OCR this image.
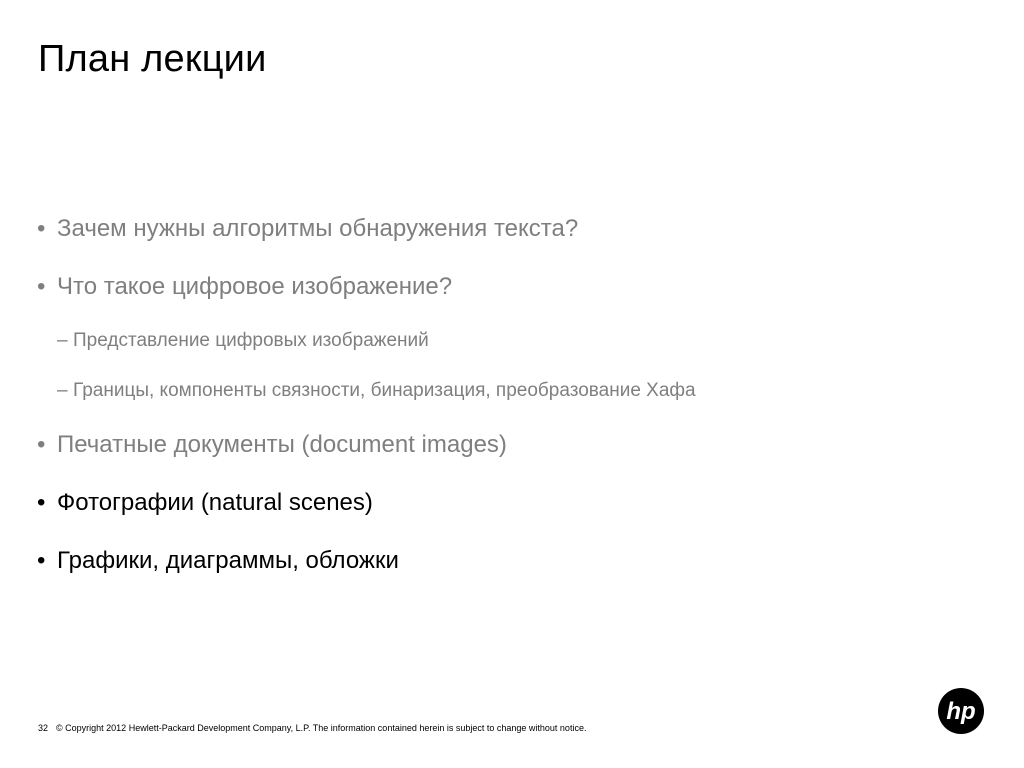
План лекции
• Зачем нужны алгоритмы обнаружения текста?
• Что такое цифровое изображение?
– Представление цифровых изображений
– Границы, компоненты связности, бинаризация, преобразование Хафа
• Печатные документы (document images)
• Фотографии (natural scenes)
• Графики, диаграммы, обложки
32 © Copyright 2012 Hewlett-Packard Development Company, L.P. The information contained herein is subject to change without notice.
hp
